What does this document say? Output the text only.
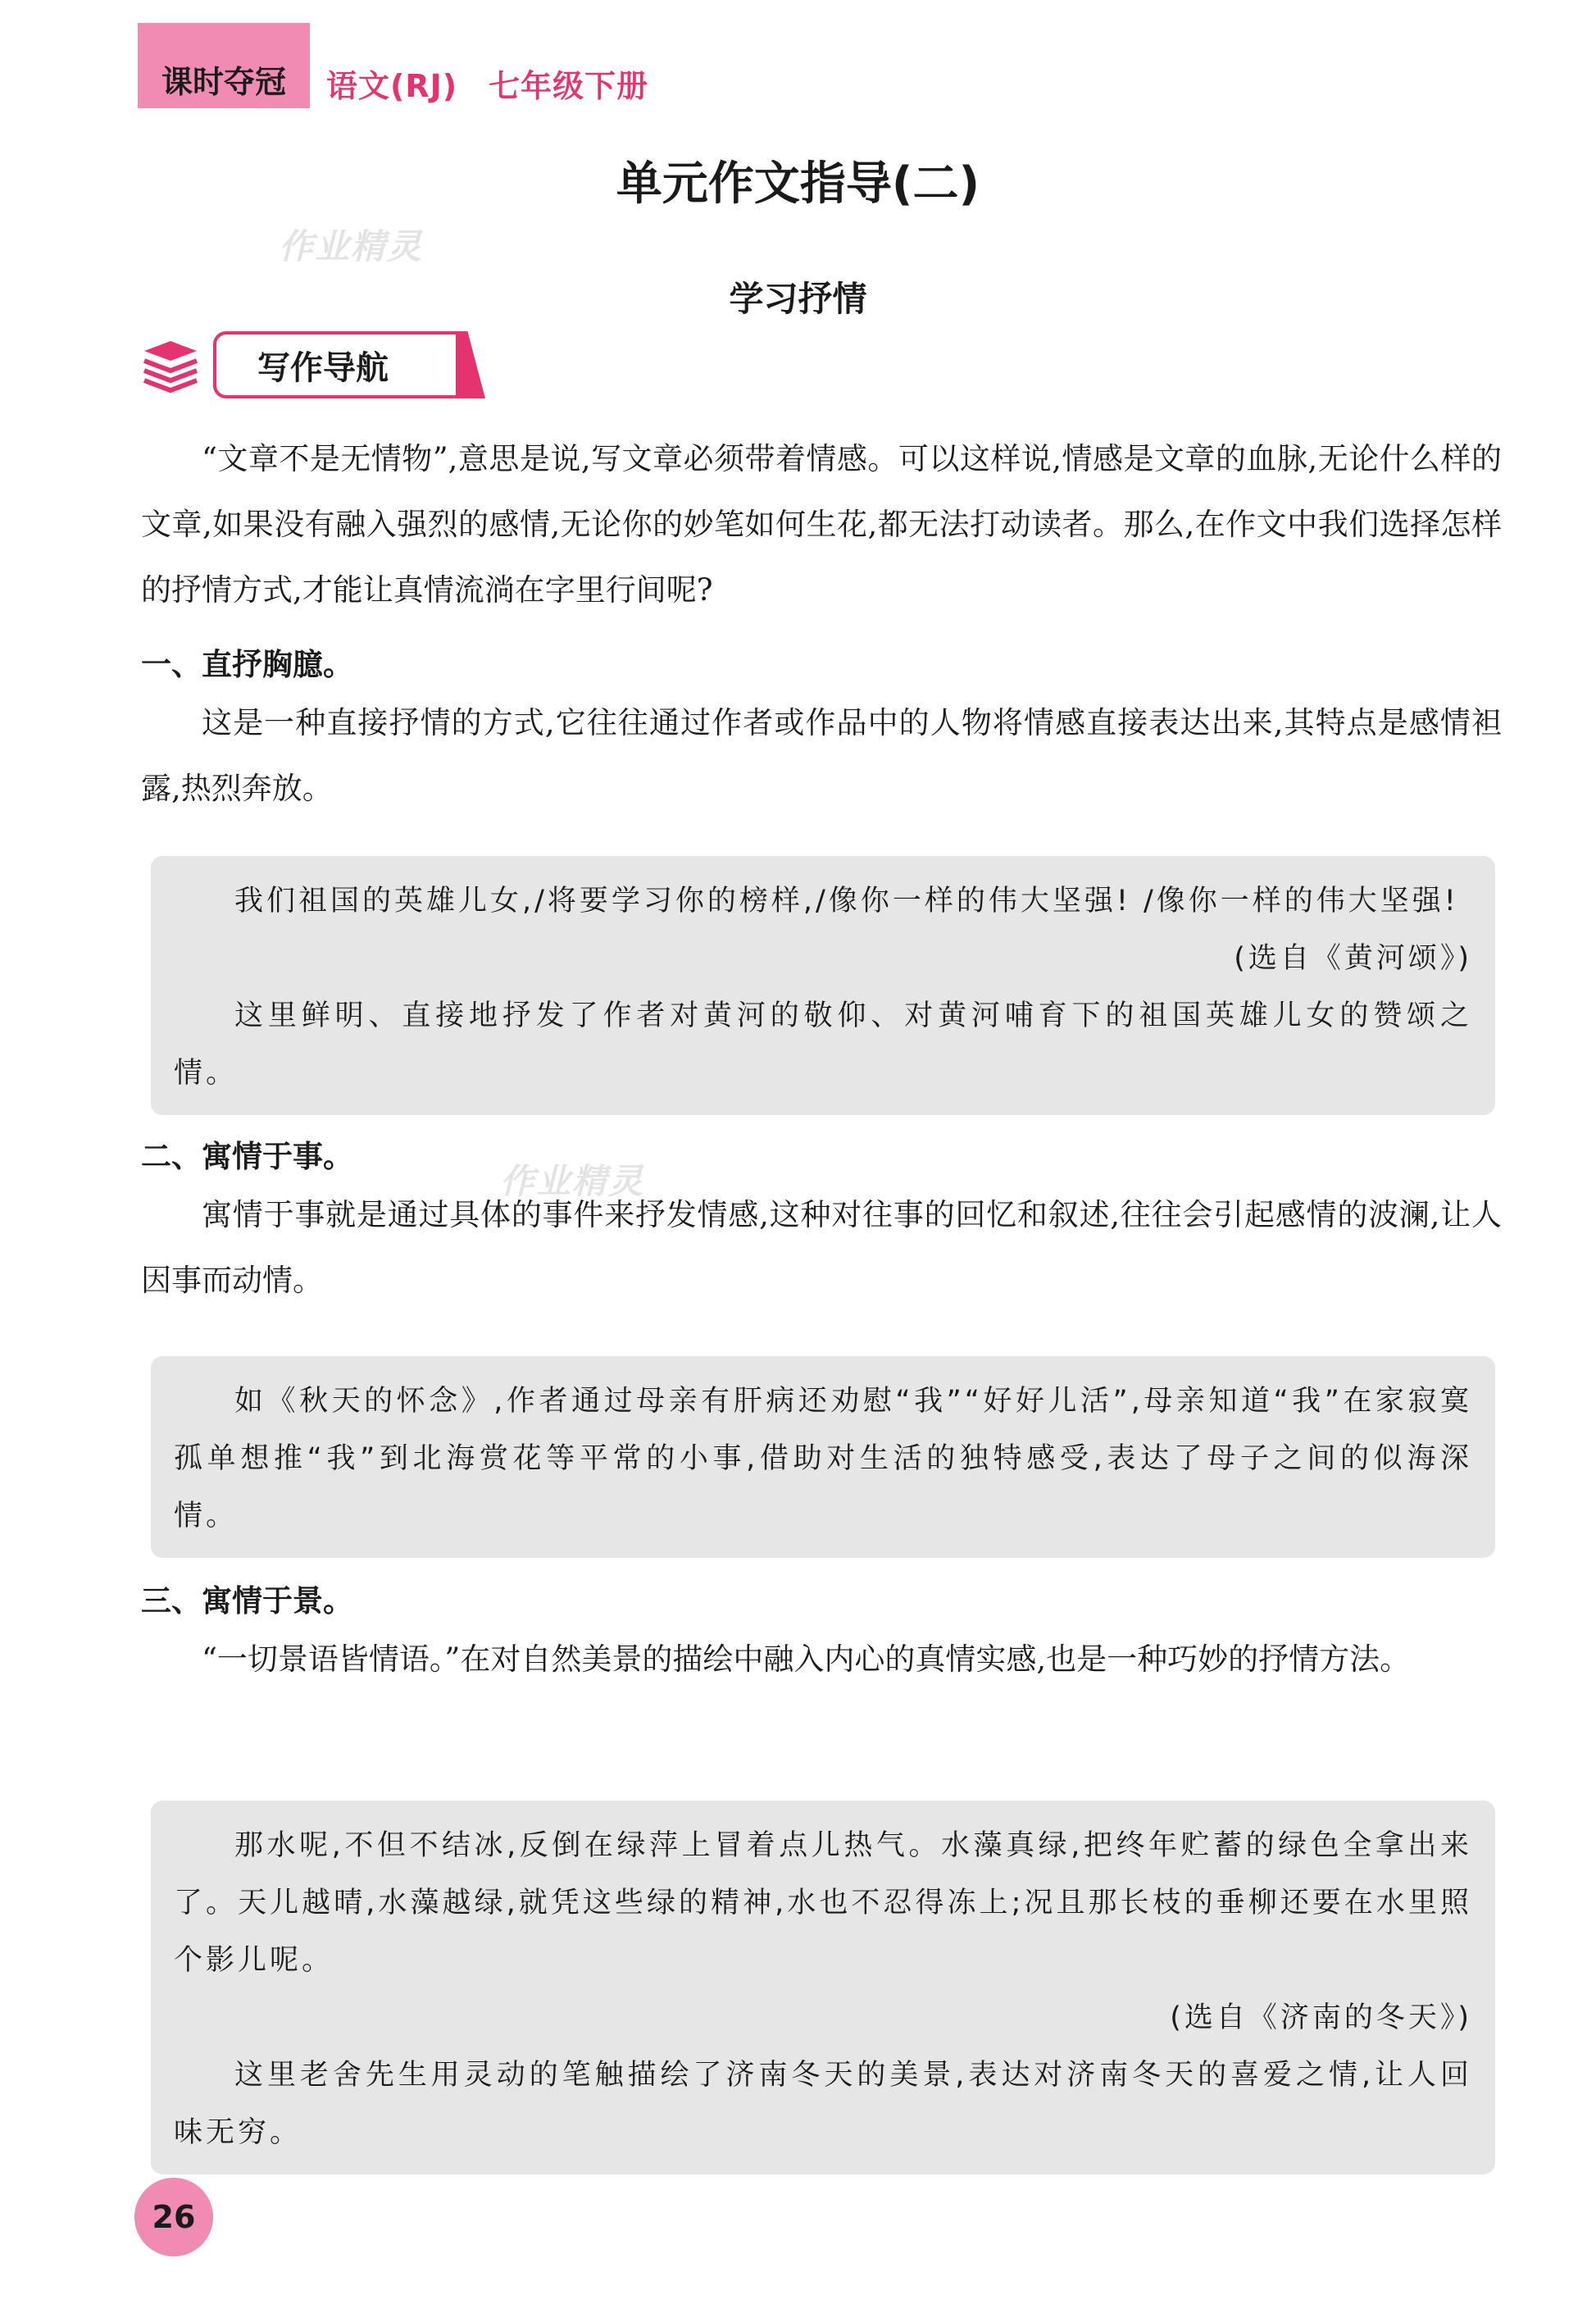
课时夺冠 语文(RJ) 七年级下册
作业精灵
作业精灵
单元作文指导(二)
学习抒情
写作导航

“文章不是无情物”,意思是说,写文章必须带着情感。可以这样说,情感是文章的血脉,无论什么样的文章,如果没有融入强烈的感情,无论你的妙笔如何生花,都无法打动读者。那么,在作文中我们选择怎样的抒情方式,才能让真情流淌在字里行间呢?

一、直抒胸臆。

这是一种直接抒情的方式,它往往通过作者或作品中的人物将情感直接表达出来,其特点是感情袒露,热烈奔放。

我们祖国的英雄儿女,/将要学习你的榜样,/像你一样的伟大坚强! /像你一样的伟大坚强!

(选自《黄河颂》)

这里鲜明、直接地抒发了作者对黄河的敬仰、对黄河哺育下的祖国英雄儿女的赞颂之情。

二、寓情于事。

寓情于事就是通过具体的事件来抒发情感,这种对往事的回忆和叙述,往往会引起感情的波澜,让人因事而动情。

如《秋天的怀念》,作者通过母亲有肝病还劝慰“我”“好好儿活”,母亲知道“我”在家寂寞孤单想推“我”到北海赏花等平常的小事,借助对生活的独特感受,表达了母子之间的似海深情。

三、寓情于景。

“一切景语皆情语。”在对自然美景的描绘中融入内心的真情实感,也是一种巧妙的抒情方法。

那水呢,不但不结冰,反倒在绿萍上冒着点儿热气。水藻真绿,把终年贮蓄的绿色全拿出来了。天儿越晴,水藻越绿,就凭这些绿的精神,水也不忍得冻上;况且那长枝的垂柳还要在水里照个影儿呢。

(选自《济南的冬天》)

这里老舍先生用灵动的笔触描绘了济南冬天的美景,表达对济南冬天的喜爱之情,让人回味无穷。

26
